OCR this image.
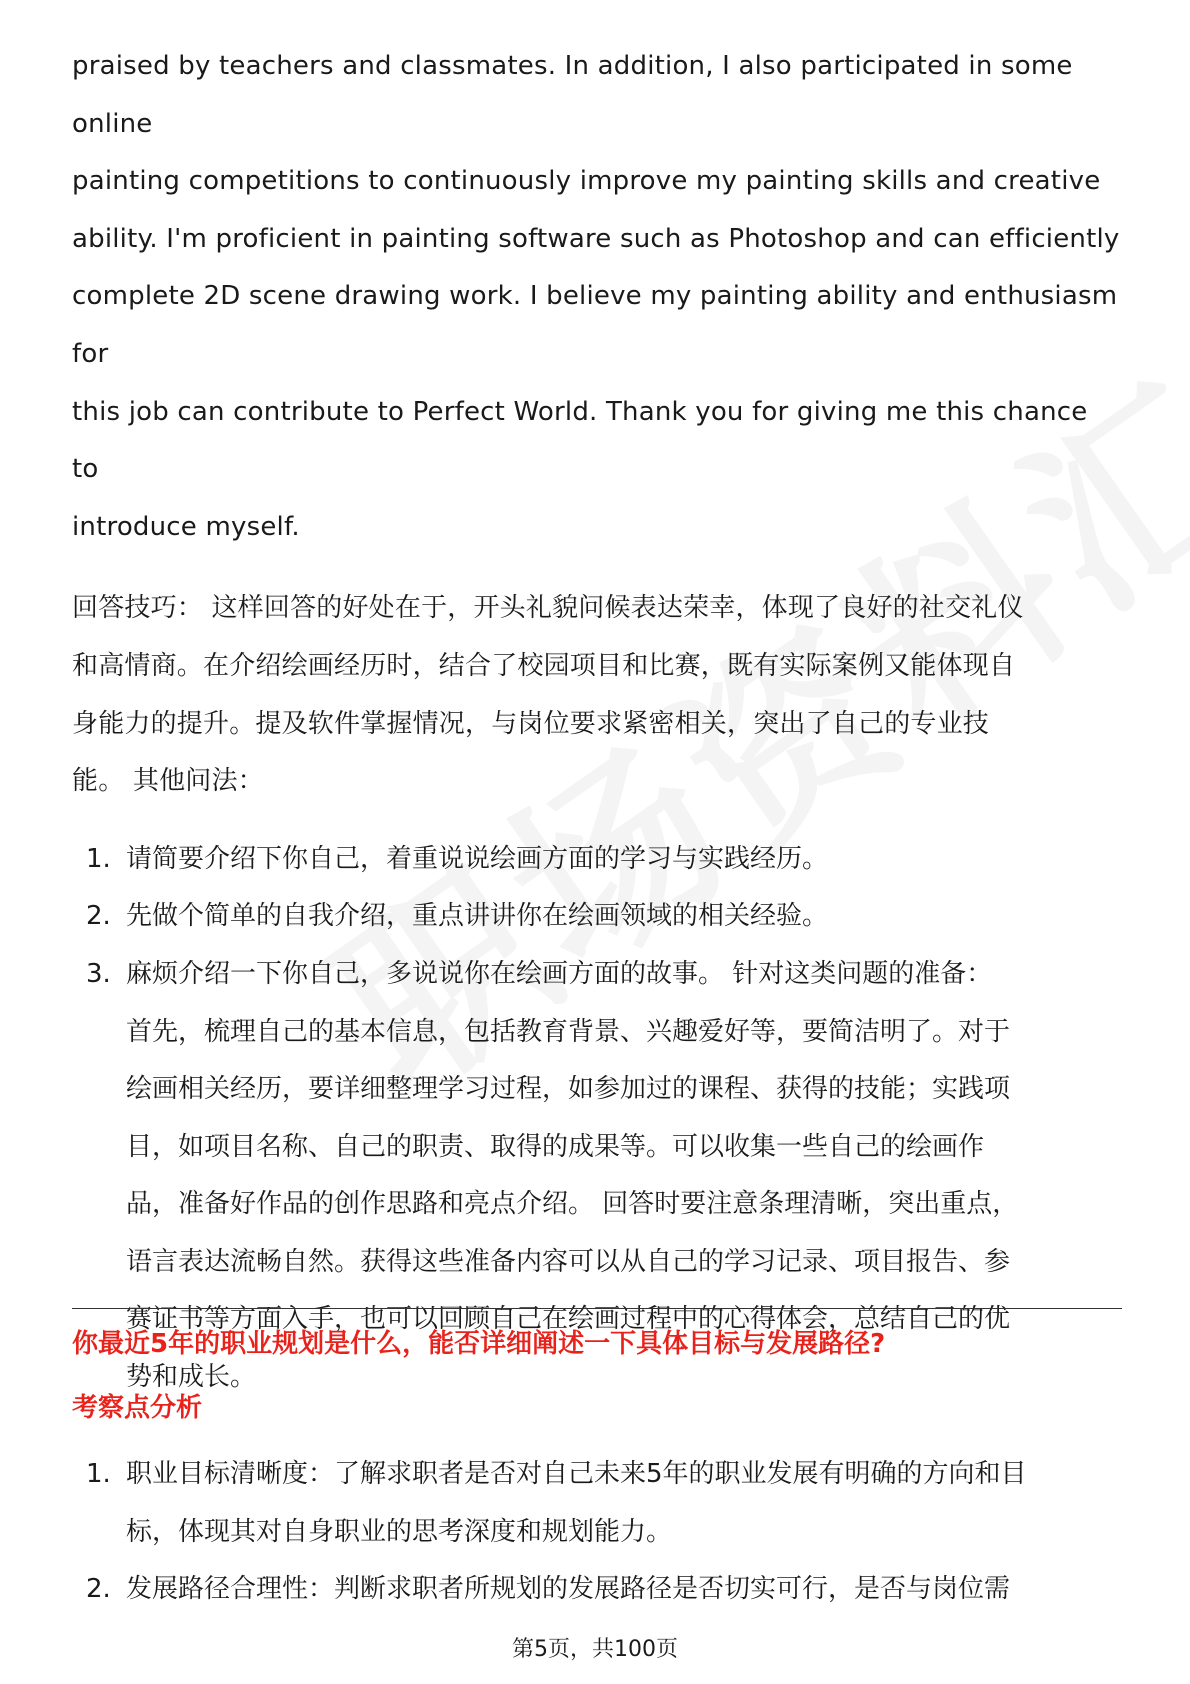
praised by teachers and classmates. In addition, I also participated in some online
painting competitions to continuously improve my painting skills and creative
ability. I'm proficient in painting software such as Photoshop and can efficiently
complete 2D scene drawing work. I believe my painting ability and enthusiasm for
this job can contribute to Perfect World. Thank you for giving me this chance to
introduce myself.

回答技巧： 这样回答的好处在于，开头礼貌问候表达荣幸，体现了良好的社交礼仪
和高情商。在介绍绘画经历时，结合了校园项目和比赛，既有实际案例又能体现自
身能力的提升。提及软件掌握情况，与岗位要求紧密相关，突出了自己的专业技
能。 其他问法：

1. 请简要介绍下你自己，着重说说绘画方面的学习与实践经历。
2. 先做个简单的自我介绍，重点讲讲你在绘画领域的相关经验。
3. 麻烦介绍一下你自己，多说说你在绘画方面的故事。 针对这类问题的准备：
首先，梳理自己的基本信息，包括教育背景、兴趣爱好等，要简洁明了。对于
绘画相关经历，要详细整理学习过程，如参加过的课程、获得的技能；实践项
目，如项目名称、自己的职责、取得的成果等。可以收集一些自己的绘画作
品，准备好作品的创作思路和亮点介绍。 回答时要注意条理清晰，突出重点，
语言表达流畅自然。获得这些准备内容可以从自己的学习记录、项目报告、参
赛证书等方面入手，也可以回顾自己在绘画过程中的心得体会，总结自己的优
势和成长。
你最近5年的职业规划是什么，能否详细阐述一下具体目标与发展路径?
考察点分析
1. 职业目标清晰度：了解求职者是否对自己未来5年的职业发展有明确的方向和目
标，体现其对自身职业的思考深度和规划能力。
2. 发展路径合理性：判断求职者所规划的发展路径是否切实可行，是否与岗位需
第5页，共100页
